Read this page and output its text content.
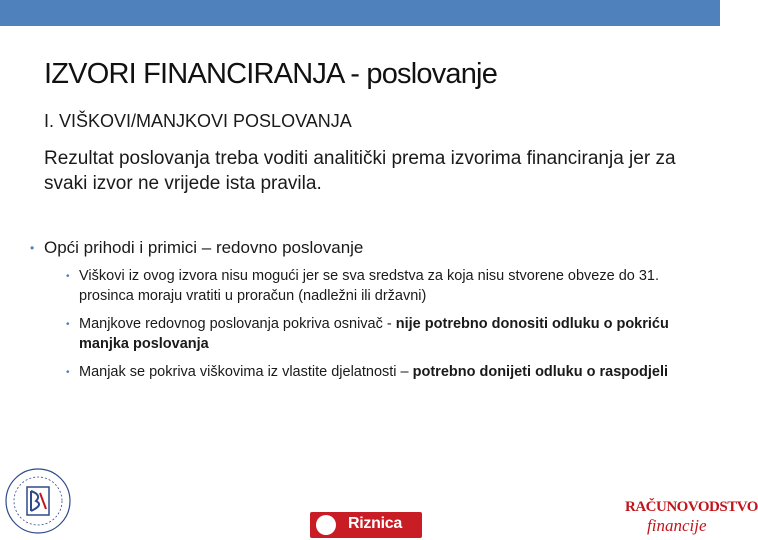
IZVORI FINANCIRANJA - poslovanje
I. VIŠKOVI/MANJKOVI POSLOVANJA
Rezultat poslovanja treba voditi analitički prema izvorima financiranja jer za svaki izvor ne vrijede ista pravila.
• Opći prihodi i primici – redovno poslovanje
• Viškovi iz ovog izvora nisu mogući jer se sva sredstva za koja nisu stvorene obveze do 31. prosinca moraju vratiti u proračun (nadležni ili državni)
• Manjkove redovnog poslovanja pokriva osnivač - nije potrebno donositi odluku o pokriću manjka poslovanja
• Manjak se pokriva viškovima iz vlastite djelatnosti – potrebno donijeti odluku o raspodjeli
Riznica
RAČUNOVODSTVO
financije
